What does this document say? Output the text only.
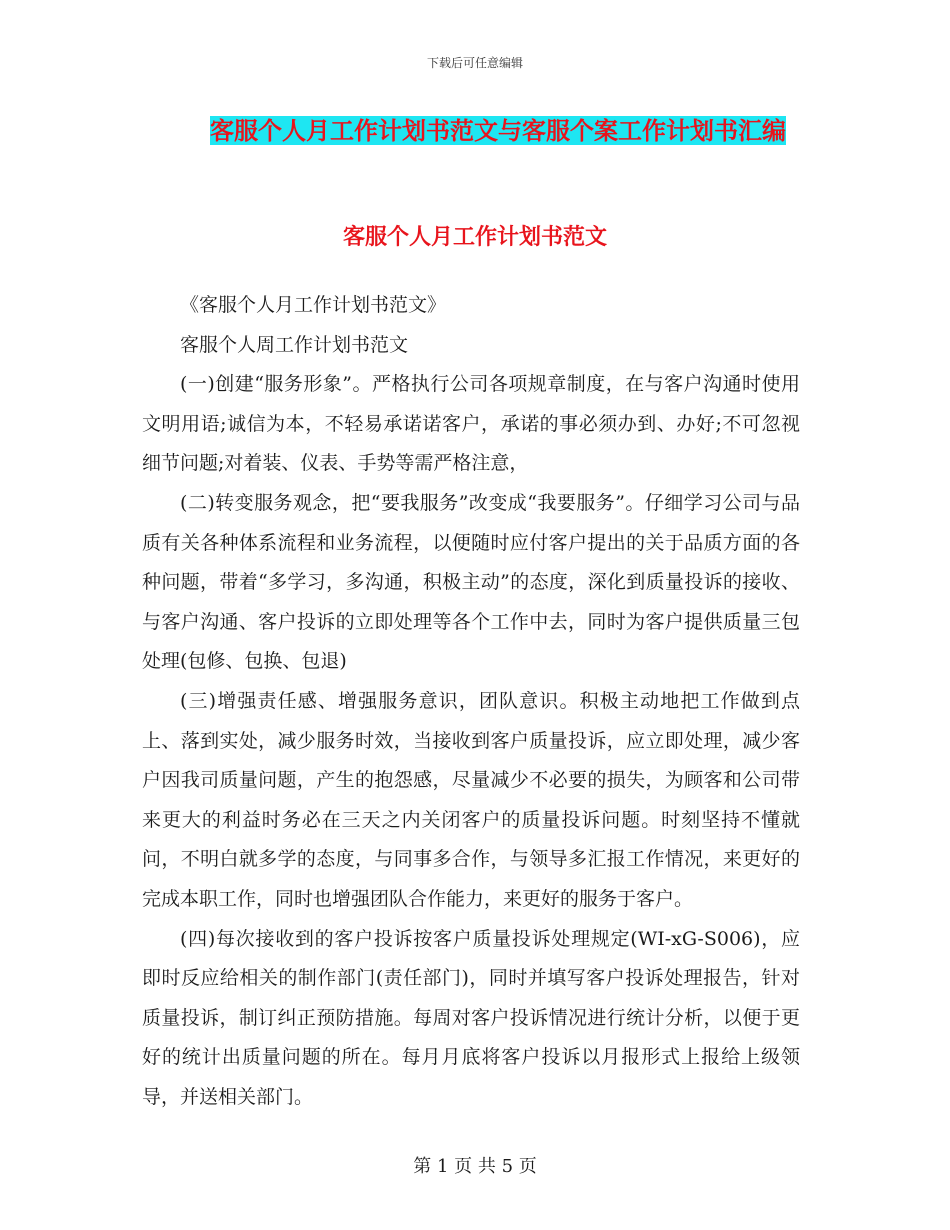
下载后可任意编辑
客服个人月工作计划书范文与客服个案工作计划书汇编
客服个人月工作计划书范文

《客服个人月工作计划书范文》

客服个人周工作计划书范文

(一)创建“服务形象”。严格执行公司各项规章制度，在与客户沟通时使用文明用语;诚信为本，不轻易承诺诺客户，承诺的事必须办到、办好;不可忽视细节问题;对着装、仪表、手势等需严格注意，

(二)转变服务观念，把“要我服务”改变成“我要服务”。仔细学习公司与品质有关各种体系流程和业务流程，以便随时应付客户提出的关于品质方面的各种问题，带着“多学习，多沟通，积极主动”的态度，深化到质量投诉的接收、与客户沟通、客户投诉的立即处理等各个工作中去，同时为客户提供质量三包处理(包修、包换、包退)

(三)增强责任感、增强服务意识，团队意识。积极主动地把工作做到点上、落到实处，减少服务时效，当接收到客户质量投诉，应立即处理，减少客户因我司质量问题，产生的抱怨感，尽量减少不必要的损失，为顾客和公司带来更大的利益时务必在三天之内关闭客户的质量投诉问题。时刻坚持不懂就问，不明白就多学的态度，与同事多合作，与领导多汇报工作情况，来更好的完成本职工作，同时也增强团队合作能力，来更好的服务于客户。

(四)每次接收到的客户投诉按客户质量投诉处理规定(WI-xG-S006)，应即时反应给相关的制作部门(责任部门)，同时并填写客户投诉处理报告，针对质量投诉，制订纠正预防措施。每周对客户投诉情况进行统计分析，以便于更好的统计出质量问题的所在。每月月底将客户投诉以月报形式上报给上级领导，并送相关部门。

第 1 页 共 5 页
